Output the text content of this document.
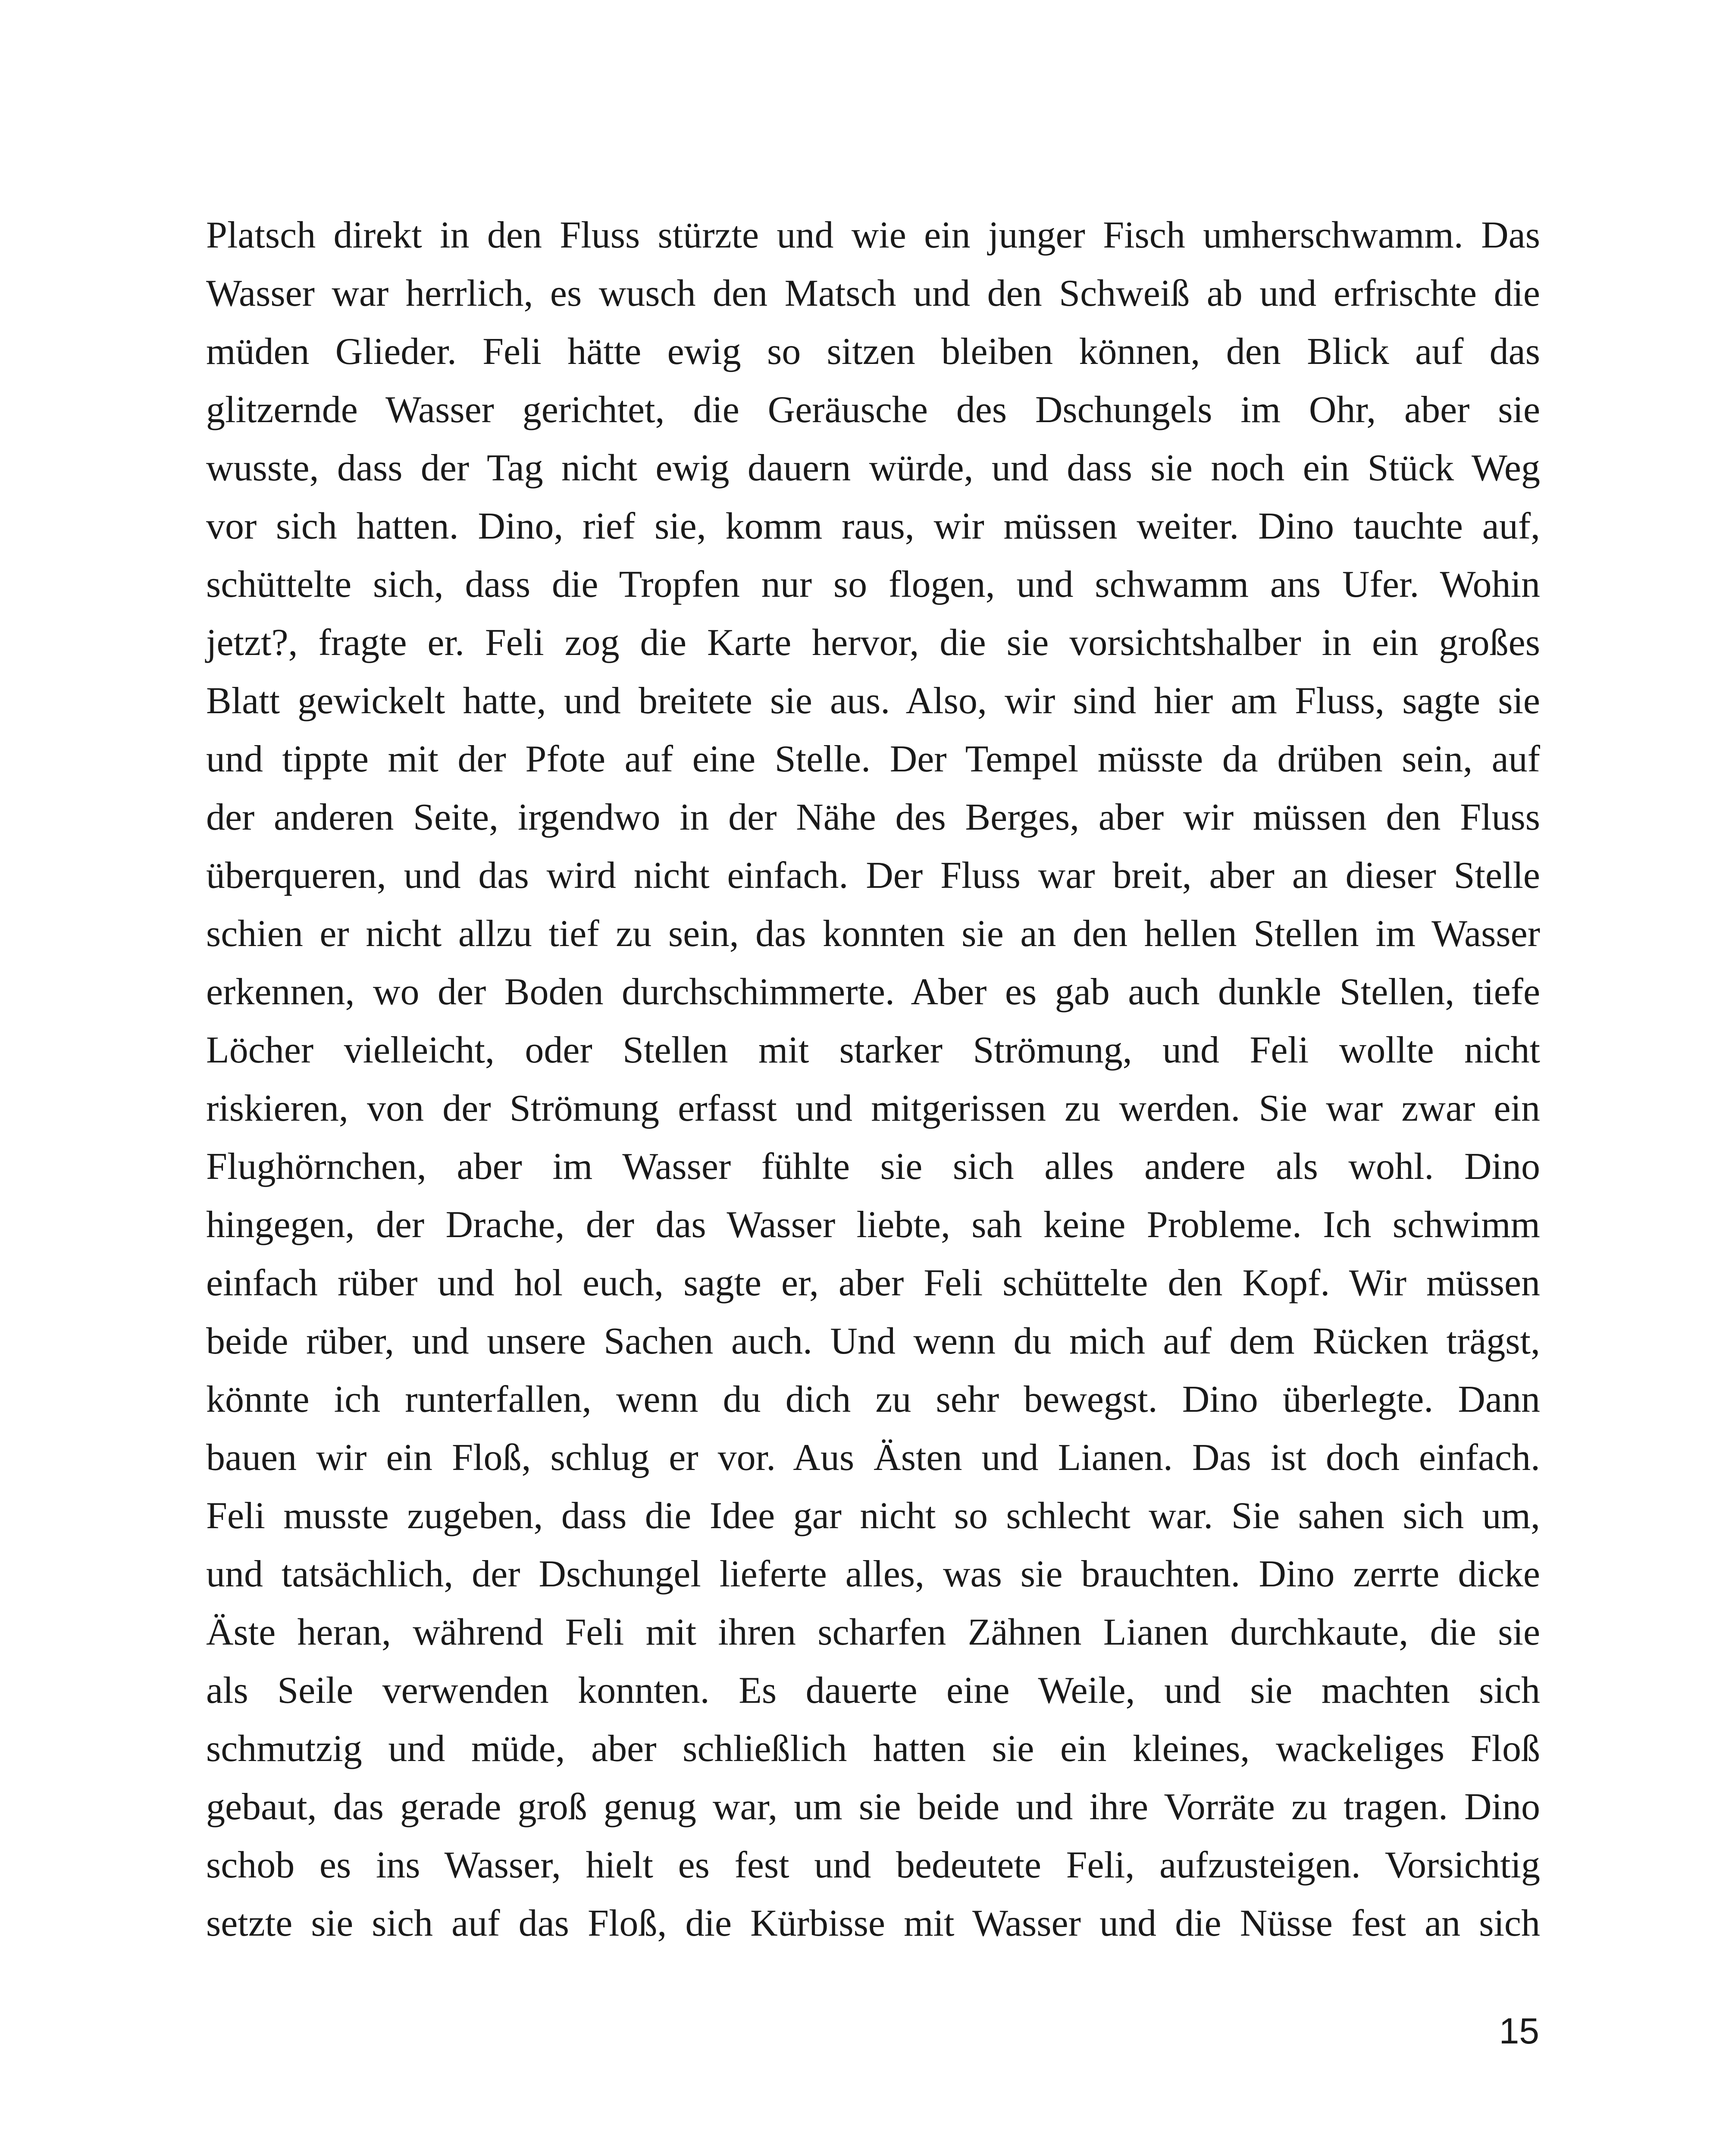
Platsch direkt in den Fluss stürzte und wie ein junger Fisch umherschwamm. Das
Wasser war herrlich, es wusch den Matsch und den Schweiß ab und erfrischte die
müden Glieder. Feli hätte ewig so sitzen bleiben können, den Blick auf das
glitzernde Wasser gerichtet, die Geräusche des Dschungels im Ohr, aber sie
wusste, dass der Tag nicht ewig dauern würde, und dass sie noch ein Stück Weg
vor sich hatten. Dino, rief sie, komm raus, wir müssen weiter. Dino tauchte auf,
schüttelte sich, dass die Tropfen nur so flogen, und schwamm ans Ufer. Wohin
jetzt?, fragte er. Feli zog die Karte hervor, die sie vorsichtshalber in ein großes
Blatt gewickelt hatte, und breitete sie aus. Also, wir sind hier am Fluss, sagte sie
und tippte mit der Pfote auf eine Stelle. Der Tempel müsste da drüben sein, auf
der anderen Seite, irgendwo in der Nähe des Berges, aber wir müssen den Fluss
überqueren, und das wird nicht einfach. Der Fluss war breit, aber an dieser Stelle
schien er nicht allzu tief zu sein, das konnten sie an den hellen Stellen im Wasser
erkennen, wo der Boden durchschimmerte. Aber es gab auch dunkle Stellen, tiefe
Löcher vielleicht, oder Stellen mit starker Strömung, und Feli wollte nicht
riskieren, von der Strömung erfasst und mitgerissen zu werden. Sie war zwar ein
Flughörnchen, aber im Wasser fühlte sie sich alles andere als wohl. Dino
hingegen, der Drache, der das Wasser liebte, sah keine Probleme. Ich schwimm
einfach rüber und hol euch, sagte er, aber Feli schüttelte den Kopf. Wir müssen
beide rüber, und unsere Sachen auch. Und wenn du mich auf dem Rücken trägst,
könnte ich runterfallen, wenn du dich zu sehr bewegst. Dino überlegte. Dann
bauen wir ein Floß, schlug er vor. Aus Ästen und Lianen. Das ist doch einfach.
Feli musste zugeben, dass die Idee gar nicht so schlecht war. Sie sahen sich um,
und tatsächlich, der Dschungel lieferte alles, was sie brauchten. Dino zerrte dicke
Äste heran, während Feli mit ihren scharfen Zähnen Lianen durchkaute, die sie
als Seile verwenden konnten. Es dauerte eine Weile, und sie machten sich
schmutzig und müde, aber schließlich hatten sie ein kleines, wackeliges Floß
gebaut, das gerade groß genug war, um sie beide und ihre Vorräte zu tragen. Dino
schob es ins Wasser, hielt es fest und bedeutete Feli, aufzusteigen. Vorsichtig
setzte sie sich auf das Floß, die Kürbisse mit Wasser und die Nüsse fest an sich
15
